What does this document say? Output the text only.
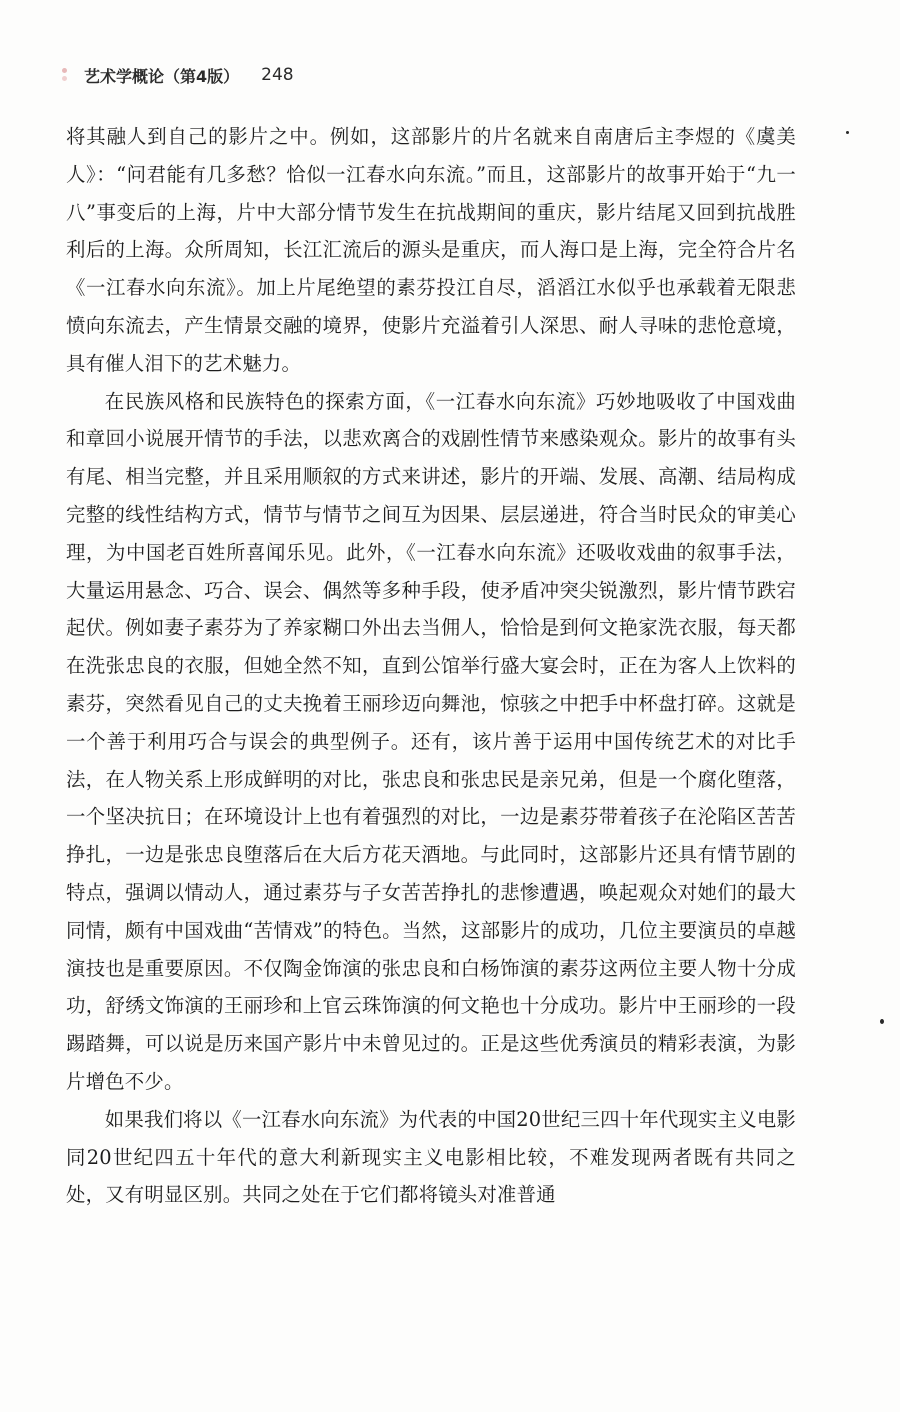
艺术学概论（第4版） 248

将其融人到自己的影片之中。例如，这部影片的片名就来自南唐后主李煜的《虞美人》：“问君能有几多愁？恰似一江春水向东流。”而且，这部影片的故事开始于“九一八”事变后的上海，片中大部分情节发生在抗战期间的重庆，影片结尾又回到抗战胜利后的上海。众所周知，长江汇流后的源头是重庆，而人海口是上海，完全符合片名《一江春水向东流》。加上片尾绝望的素芬投江自尽，滔滔江水似乎也承载着无限悲愤向东流去，产生情景交融的境界，使影片充溢着引人深思、耐人寻味的悲怆意境，具有催人泪下的艺术魅力。

在民族风格和民族特色的探索方面，《一江春水向东流》巧妙地吸收了中国戏曲和章回小说展开情节的手法，以悲欢离合的戏剧性情节来感染观众。影片的故事有头有尾、相当完整，并且采用顺叙的方式来讲述，影片的开端、发展、高潮、结局构成完整的线性结构方式，情节与情节之间互为因果、层层递进，符合当时民众的审美心理，为中国老百姓所喜闻乐见。此外，《一江春水向东流》还吸收戏曲的叙事手法，大量运用悬念、巧合、误会、偶然等多种手段，使矛盾冲突尖锐激烈，影片情节跌宕起伏。例如妻子素芬为了养家糊口外出去当佣人，恰恰是到何文艳家洗衣服，每天都在洗张忠良的衣服，但她全然不知，直到公馆举行盛大宴会时，正在为客人上饮料的素芬，突然看见自己的丈夫挽着王丽珍迈向舞池，惊骇之中把手中杯盘打碎。这就是一个善于利用巧合与误会的典型例子。还有，该片善于运用中国传统艺术的对比手法，在人物关系上形成鲜明的对比，张忠良和张忠民是亲兄弟，但是一个腐化堕落，一个坚决抗日；在环境设计上也有着强烈的对比，一边是素芬带着孩子在沦陷区苦苦挣扎，一边是张忠良堕落后在大后方花天酒地。与此同时，这部影片还具有情节剧的特点，强调以情动人，通过素芬与子女苦苦挣扎的悲惨遭遇，唤起观众对她们的最大同情，颇有中国戏曲“苦情戏”的特色。当然，这部影片的成功，几位主要演员的卓越演技也是重要原因。不仅陶金饰演的张忠良和白杨饰演的素芬这两位主要人物十分成功，舒绣文饰演的王丽珍和上官云珠饰演的何文艳也十分成功。影片中王丽珍的一段踢踏舞，可以说是历来国产影片中未曾见过的。正是这些优秀演员的精彩表演，为影片增色不少。

如果我们将以《一江春水向东流》为代表的中国20世纪三四十年代现实主义电影同20世纪四五十年代的意大利新现实主义电影相比较，不难发现两者既有共同之处，又有明显区别。共同之处在于它们都将镜头对准普通
